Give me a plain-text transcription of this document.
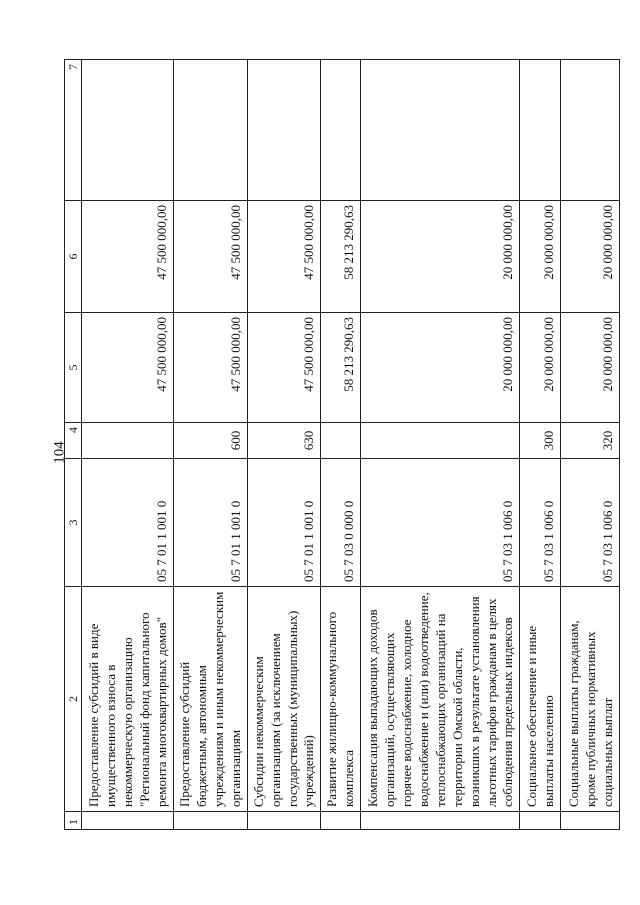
104
1	2	3	4	5	6	7
	Предоставление субсидий в виде имущественного взноса в некоммерческую организацию "Региональный фонд капитального ремонта многоквартирных домов"	05 7 01 1 001 0		47 500 000,00	47 500 000,00	
	Предоставление субсидий бюджетным, автономным учреждениям и иным некоммерческим организациям	05 7 01 1 001 0	600	47 500 000,00	47 500 000,00	
	Субсидии некоммерческим организациям (за исключением государственных (муниципальных) учреждений)	05 7 01 1 001 0	630	47 500 000,00	47 500 000,00	
	Развитие жилищно-коммунального комплекса	05 7 03 0 000 0		58 213 290,63	58 213 290,63	
	Компенсация выпадающих доходов организаций, осуществляющих горячее водоснабжение, холодное водоснабжение и (или) водоотведение, теплоснабжающих организаций на территории Омской области, возникших в результате установления льготных тарифов гражданам в целях соблюдения предельных индексов	05 7 03 1 006 0		20 000 000,00	20 000 000,00	
	Социальное обеспечение и иные выплаты населению	05 7 03 1 006 0	300	20 000 000,00	20 000 000,00	
	Социальные выплаты гражданам, кроме публичных нормативных социальных выплат	05 7 03 1 006 0	320	20 000 000,00	20 000 000,00	
